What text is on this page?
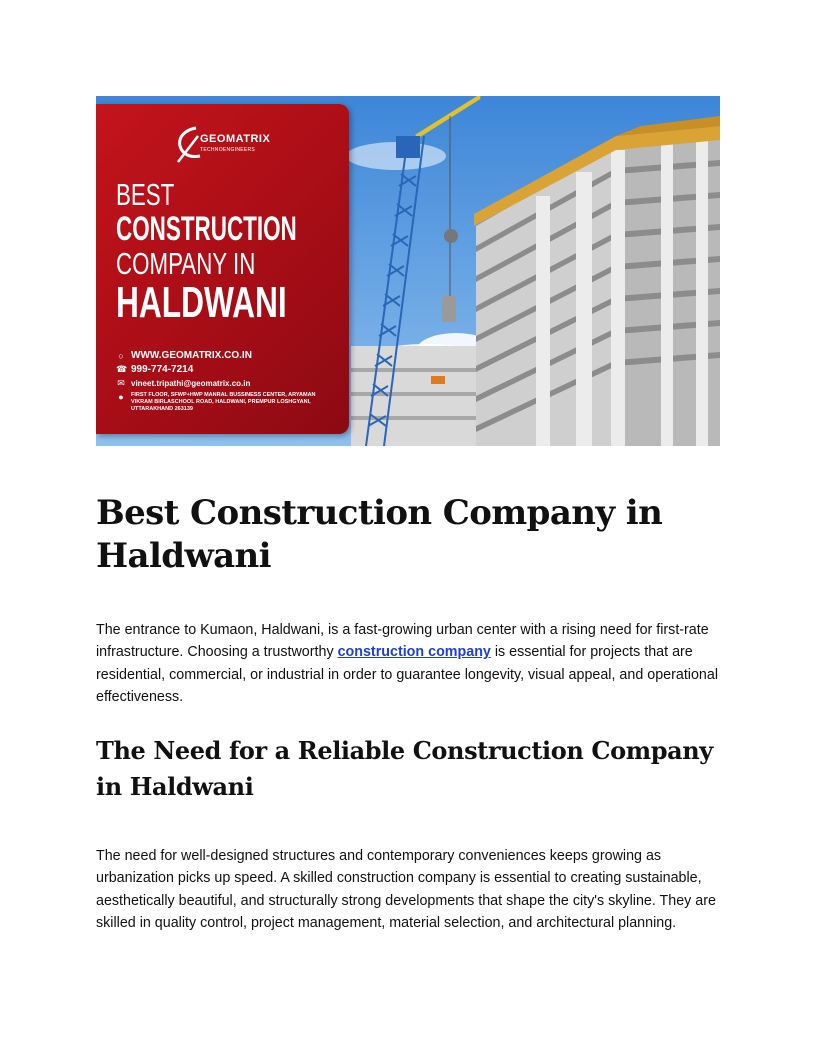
GEOMATRIX
TECHNOENGINEERS
BEST
CONSTRUCTION
COMPANY IN
HALDWANI
○ WWW.GEOMATRIX.CO.IN
☎ 999-774-7214
✉ vineet.tripathi@geomatrix.co.in
●	FIRST FLOOR, SFWP+HWP MANRAL BUSSINESS CENTER, ARYAMAN VIKRAM BIRLASCHOOL ROAD, HALDWANI, PREMPUR LOSHGYANI, UTTARAKHAND 263139
Best Construction Company in Haldwani

The entrance to Kumaon, Haldwani, is a fast-growing urban center with a rising need for first-rate infrastructure. Choosing a trustworthy construction company is essential for projects that are residential, commercial, or industrial in order to guarantee longevity, visual appeal, and operational effectiveness.

The Need for a Reliable Construction Company in Haldwani

The need for well-designed structures and contemporary conveniences keeps growing as urbanization picks up speed. A skilled construction company is essential to creating sustainable, aesthetically beautiful, and structurally strong developments that shape the city's skyline. They are skilled in quality control, project management, material selection, and architectural planning.
